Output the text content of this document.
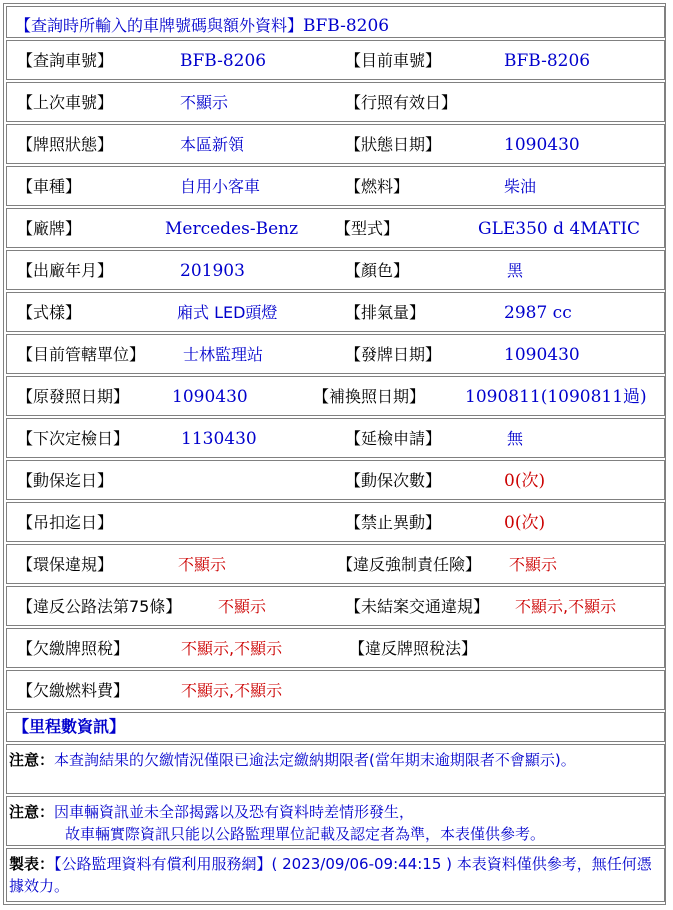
【查詢時所輸入的車牌號碼與額外資料】BFB-8206
【查詢車號】	BFB-8206	【目前車號】	BFB-8206
【上次車號】	不顯示	【行照有效日】
【牌照狀態】	本區新領	【狀態日期】	1090430
【車種】	自用小客車	【燃料】	柴油
【廠牌】	Mercedes-Benz 【型式】	GLE350 d 4MATIC
【出廠年月】	201903	【顏色】	黑
【式樣】	廂式 LED頭燈	【排氣量】	2987 cc
【目前管轄單位】 士林監理站	【發牌日期】	1090430
【原發照日期】	1090430	【補換照日期】 1090811(1090811過)
【下次定檢日】	1130430	【延檢申請】	無
【動保迄日】	【動保次數】	0(次)
【吊扣迄日】	【禁止異動】	0(次)
【環保違規】	不顯示	【違反強制責任險】 不顯示
【違反公路法第75條】 不顯示	【未結案交通違規】 不顯示,不顯示
【欠繳牌照稅】	不顯示,不顯示	【違反牌照稅法】
【欠繳燃料費】	不顯示,不顯示
【里程數資訊】
注意：本查詢結果的欠繳情況僅限已逾法定繳納期限者(當年期末逾期限者不會顯示)。
注意：因車輛資訊並未全部揭露以及恐有資料時差情形發生，
故車輛實際資訊只能以公路監理單位記載及認定者為準，本表僅供參考。
製表：【公路監理資料有償利用服務網】( 2023/09/06-09:44:15 ) 本表資料僅供參考，無任何憑據效力。
